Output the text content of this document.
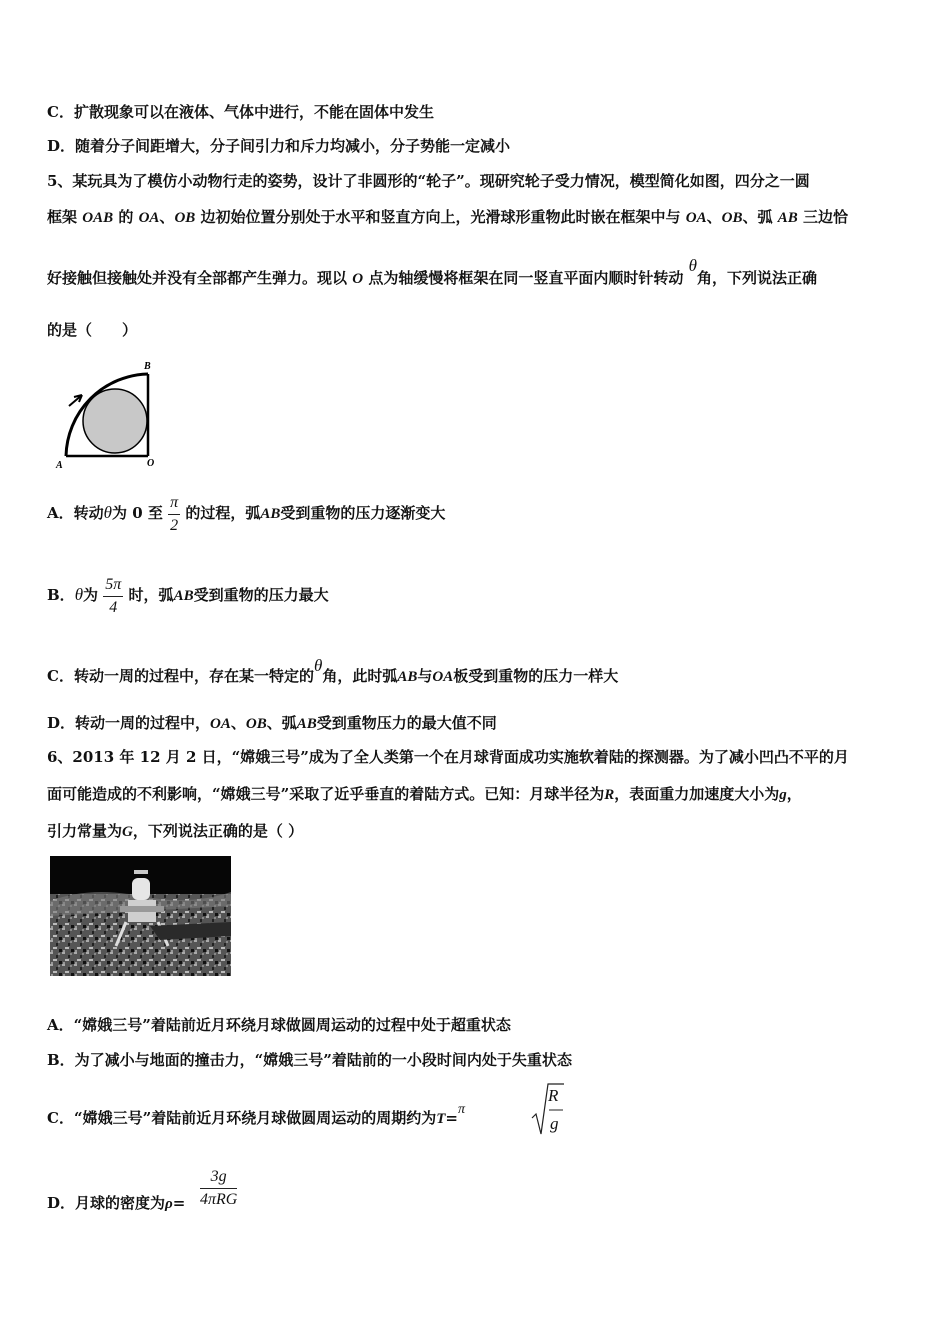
C．扩散现象可以在液体、气体中进行，不能在固体中发生
D．随着分子间距增大，分子间引力和斥力均减小，分子势能一定减小
5、某玩具为了模仿小动物行走的姿势，设计了非圆形的“轮子”。现研究轮子受力情况，模型简化如图，四分之一圆
框架 OAB 的 OA、OB 边初始位置分别处于水平和竖直方向上，光滑球形重物此时嵌在框架中与 OA、OB、弧 AB 三边恰
好接触但接触处并没有全部都产生弹力。现以 O 点为轴缓慢将框架在同一竖直平面内顺时针转动 θ角，下列说法正确
的是（　　）
B
A	O
A．转动θ为 0 至 $\frac{\pi}{2}$ 的过程，弧AB受到重物的压力逐渐变大
B．θ为 $\frac{5\pi}{4}$ 时，弧AB受到重物的压力最大
C．转动一周的过程中，存在某一特定的θ角，此时弧AB与OA板受到重物的压力一样大
D．转动一周的过程中，OA、OB、弧AB受到重物压力的最大值不同
6、2013 年 12 月 2 日，“嫦娥三号”成为了全人类第一个在月球背面成功实施软着陆的探测器。为了减小凹凸不平的月
面可能造成的不利影响，“嫦娥三号”采取了近乎垂直的着陆方式。已知：月球半径为R，表面重力加速度大小为g，
引力常量为G，下列说法正确的是（ ）
A．“嫦娥三号”着陆前近月环绕月球做圆周运动的过程中处于超重状态
B．为了减小与地面的撞击力，“嫦娥三号”着陆前的一小段时间内处于失重状态
C．“嫦娥三号”着陆前近月环绕月球做圆周运动的周期约为T=π
R
g
D．月球的密度为ρ=
3g
4πRG
